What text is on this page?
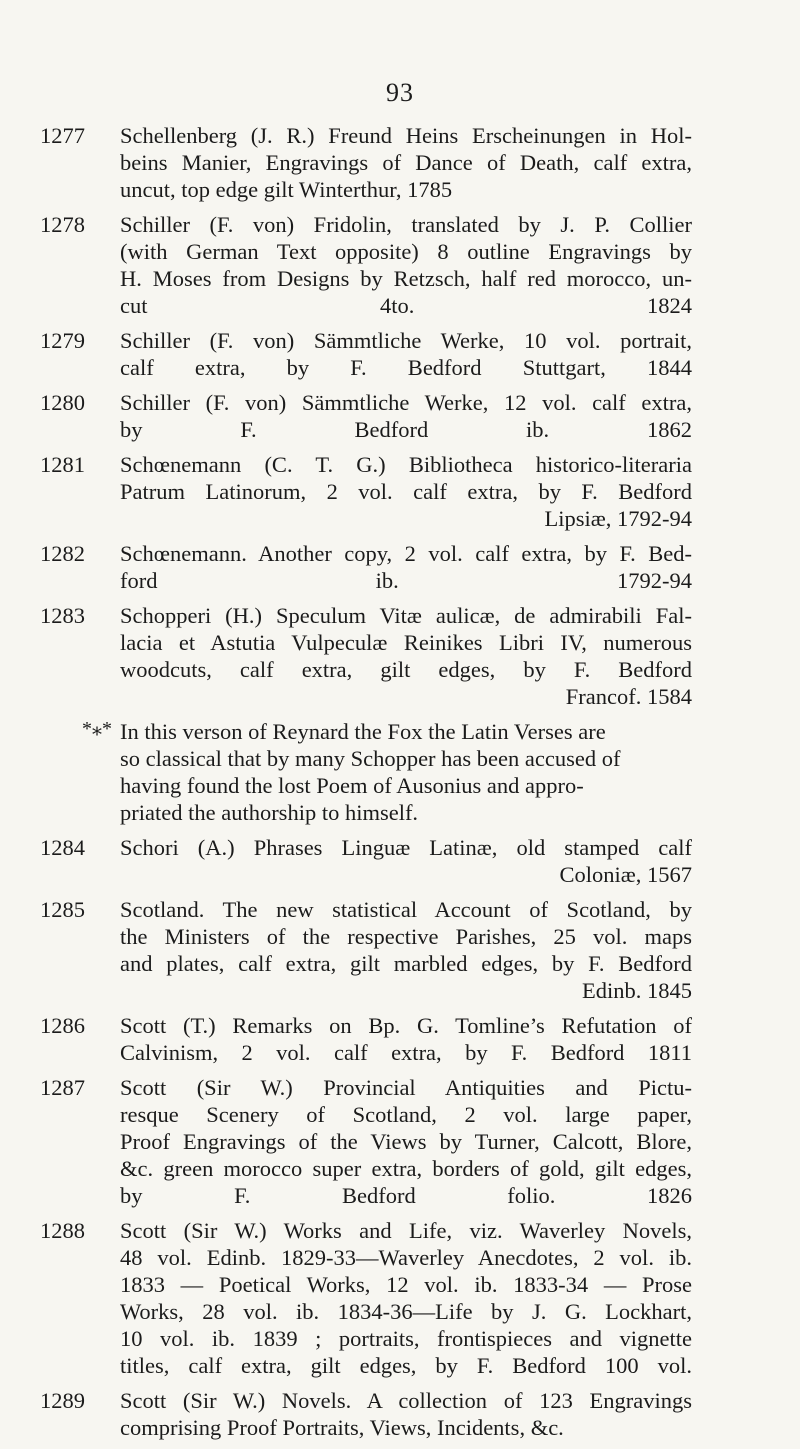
93
1277	Schellenberg (J. R.) Freund Heins Erscheinungen in Hol-
beins Manier, Engravings of Dance of Death, calf extra,
uncut, top edge gilt Winterthur, 1785
1278	Schiller (F. von) Fridolin, translated by J. P. Collier
(with German Text opposite) 8 outline Engravings by
H. Moses from Designs by Retzsch, half red morocco, un-
cut 4to. 1824
1279	Schiller (F. von) Sämmtliche Werke, 10 vol. portrait,
calf extra, by F. Bedford Stuttgart, 1844
1280	Schiller (F. von) Sämmtliche Werke, 12 vol. calf extra,
by F. Bedford ib. 1862
1281	Schœnemann (C. T. G.) Bibliotheca historico-literaria
Patrum Latinorum, 2 vol. calf extra, by F. Bedford
Lipsiæ, 1792-94
1282	Schœnemann. Another copy, 2 vol. calf extra, by F. Bed-
ford ib. 1792-94
1283	Schopperi (H.) Speculum Vitæ aulicæ, de admirabili Fal-
lacia et Astutia Vulpeculæ Reinikes Libri IV, numerous
woodcuts, calf extra, gilt edges, by F. Bedford
Francof. 1584
*⁎* In this verson of Reynard the Fox the Latin Verses are
so classical that by many Schopper has been accused of
having found the lost Poem of Ausonius and appro-
priated the authorship to himself.
1284	Schori (A.) Phrases Linguæ Latinæ, old stamped calf
Coloniæ, 1567
1285	Scotland. The new statistical Account of Scotland, by
the Ministers of the respective Parishes, 25 vol. maps
and plates, calf extra, gilt marbled edges, by F. Bedford
Edinb. 1845
1286	Scott (T.) Remarks on Bp. G. Tomline’s Refutation of
Calvinism, 2 vol. calf extra, by F. Bedford 1811
1287	Scott (Sir W.) Provincial Antiquities and Pictu-
resque Scenery of Scotland, 2 vol. large paper,
Proof Engravings of the Views by Turner, Calcott, Blore,
&c. green morocco super extra, borders of gold, gilt edges,
by F. Bedford folio. 1826
1288	Scott (Sir W.) Works and Life, viz. Waverley Novels,
48 vol. Edinb. 1829-33—Waverley Anecdotes, 2 vol. ib.
1833 — Poetical Works, 12 vol. ib. 1833-34 — Prose
Works, 28 vol. ib. 1834-36—Life by J. G. Lockhart,
10 vol. ib. 1839 ; portraits, frontispieces and vignette
titles, calf extra, gilt edges, by F. Bedford 100 vol.
1289	Scott (Sir W.) Novels. A collection of 123 Engravings
comprising Proof Portraits, Views, Incidents, &c.
